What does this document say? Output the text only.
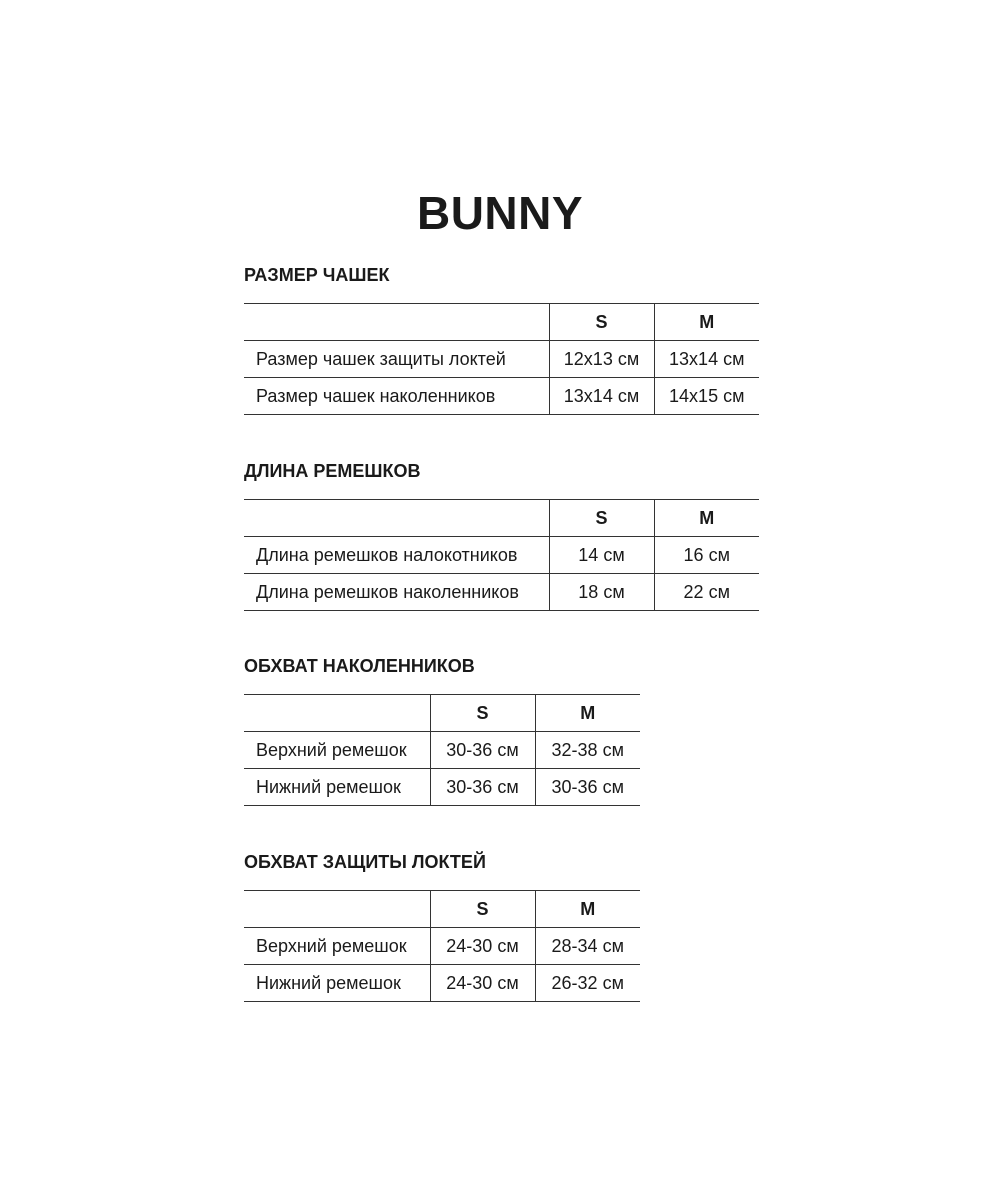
BUNNY
РАЗМЕР ЧАШЕК
	S	M
Размер чашек защиты локтей	12x13 см	13x14 см
Размер чашек наколенников	13x14 см	14x15 см
ДЛИНА РЕМЕШКОВ
	S	M
Длина ремешков налокотников	14 см	16 см
Длина ремешков наколенников	18 см	22 см
ОБХВАТ НАКОЛЕННИКОВ
	S	M
Верхний ремешок	30-36 см	32-38 см
Нижний ремешок	30-36 см	30-36 см
ОБХВАТ ЗАЩИТЫ ЛОКТЕЙ
	S	M
Верхний ремешок	24-30 см	28-34 см
Нижний ремешок	24-30 см	26-32 см
